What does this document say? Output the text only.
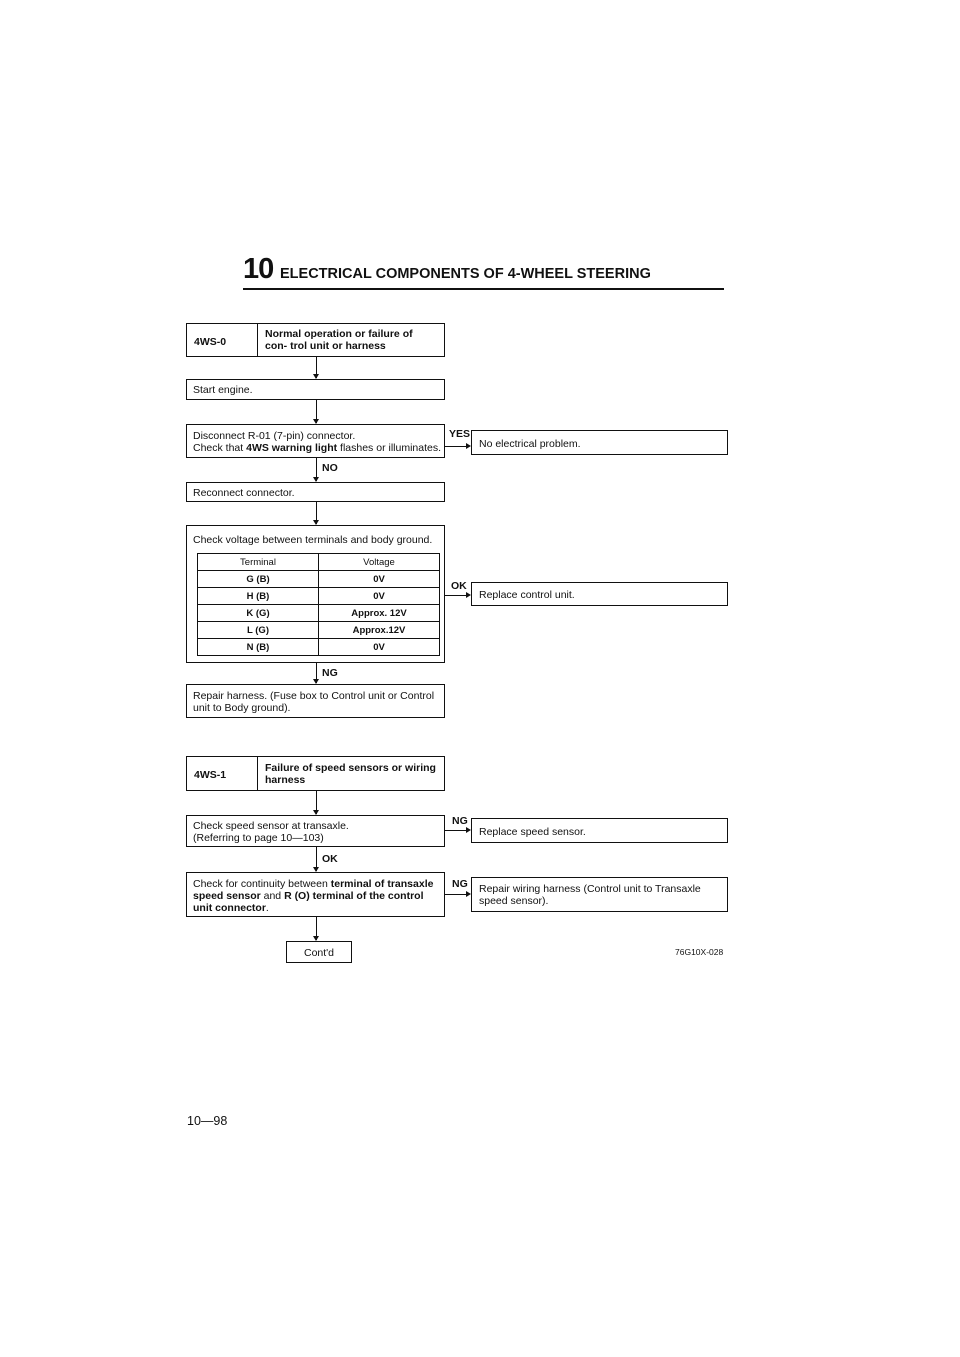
10 ELECTRICAL COMPONENTS OF 4-WHEEL STEERING
4WS-0
Normal operation or failure of con- trol unit or harness
Start engine.
Disconnect R-01 (7-pin) connector.
Check that 4WS warning light flashes or illuminates.
YES
No electrical problem.
NO
Reconnect connector.
Check voltage between terminals and body ground.
Terminal	Voltage
G (B)	0V
H (B)	0V
K (G)	Approx. 12V
L (G)	Approx.12V
N (B)	0V
OK
Replace control unit.
NG
Repair harness. (Fuse box to Control unit or Control unit to Body ground).
4WS-1
Failure of speed sensors or wiring harness
Check speed sensor at transaxle.
(Referring to page 10—103)
NG
Replace speed sensor.
OK
Check for continuity between terminal of transaxle speed sensor and R (O) terminal of the control unit connector.
NG Repair wiring harness (Control unit to Transaxle speed sensor).
Cont'd	76G10X-028
10—98
